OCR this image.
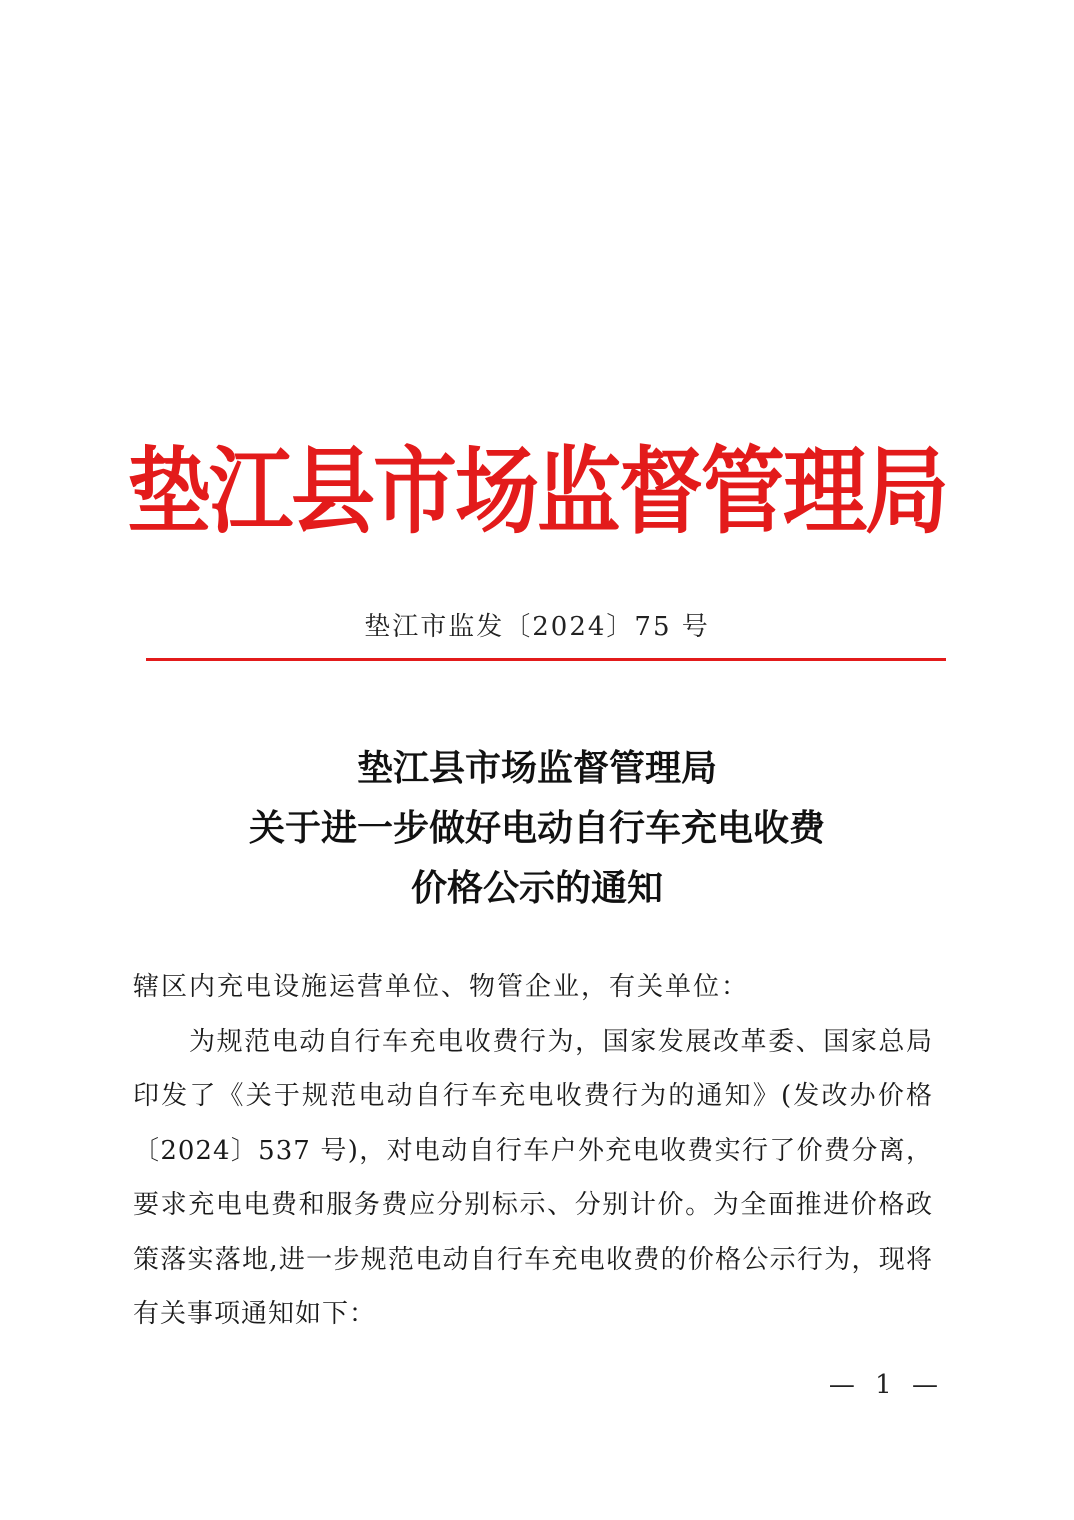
垫江县市场监督管理局
垫江市监发〔2024〕75 号
垫江县市场监督管理局
关于进一步做好电动自行车充电收费
价格公示的通知
辖区内充电设施运营单位、物管企业，有关单位：
为规范电动自行车充电收费行为，国家发展改革委、国家总局印发了《关于规范电动自行车充电收费行为的通知》(发改办价格〔2024〕537 号)，对电动自行车户外充电收费实行了价费分离，要求充电电费和服务费应分别标示、分别计价。为全面推进价格政策落实落地,进一步规范电动自行车充电收费的价格公示行为，现将有关事项通知如下：
— 1 —
